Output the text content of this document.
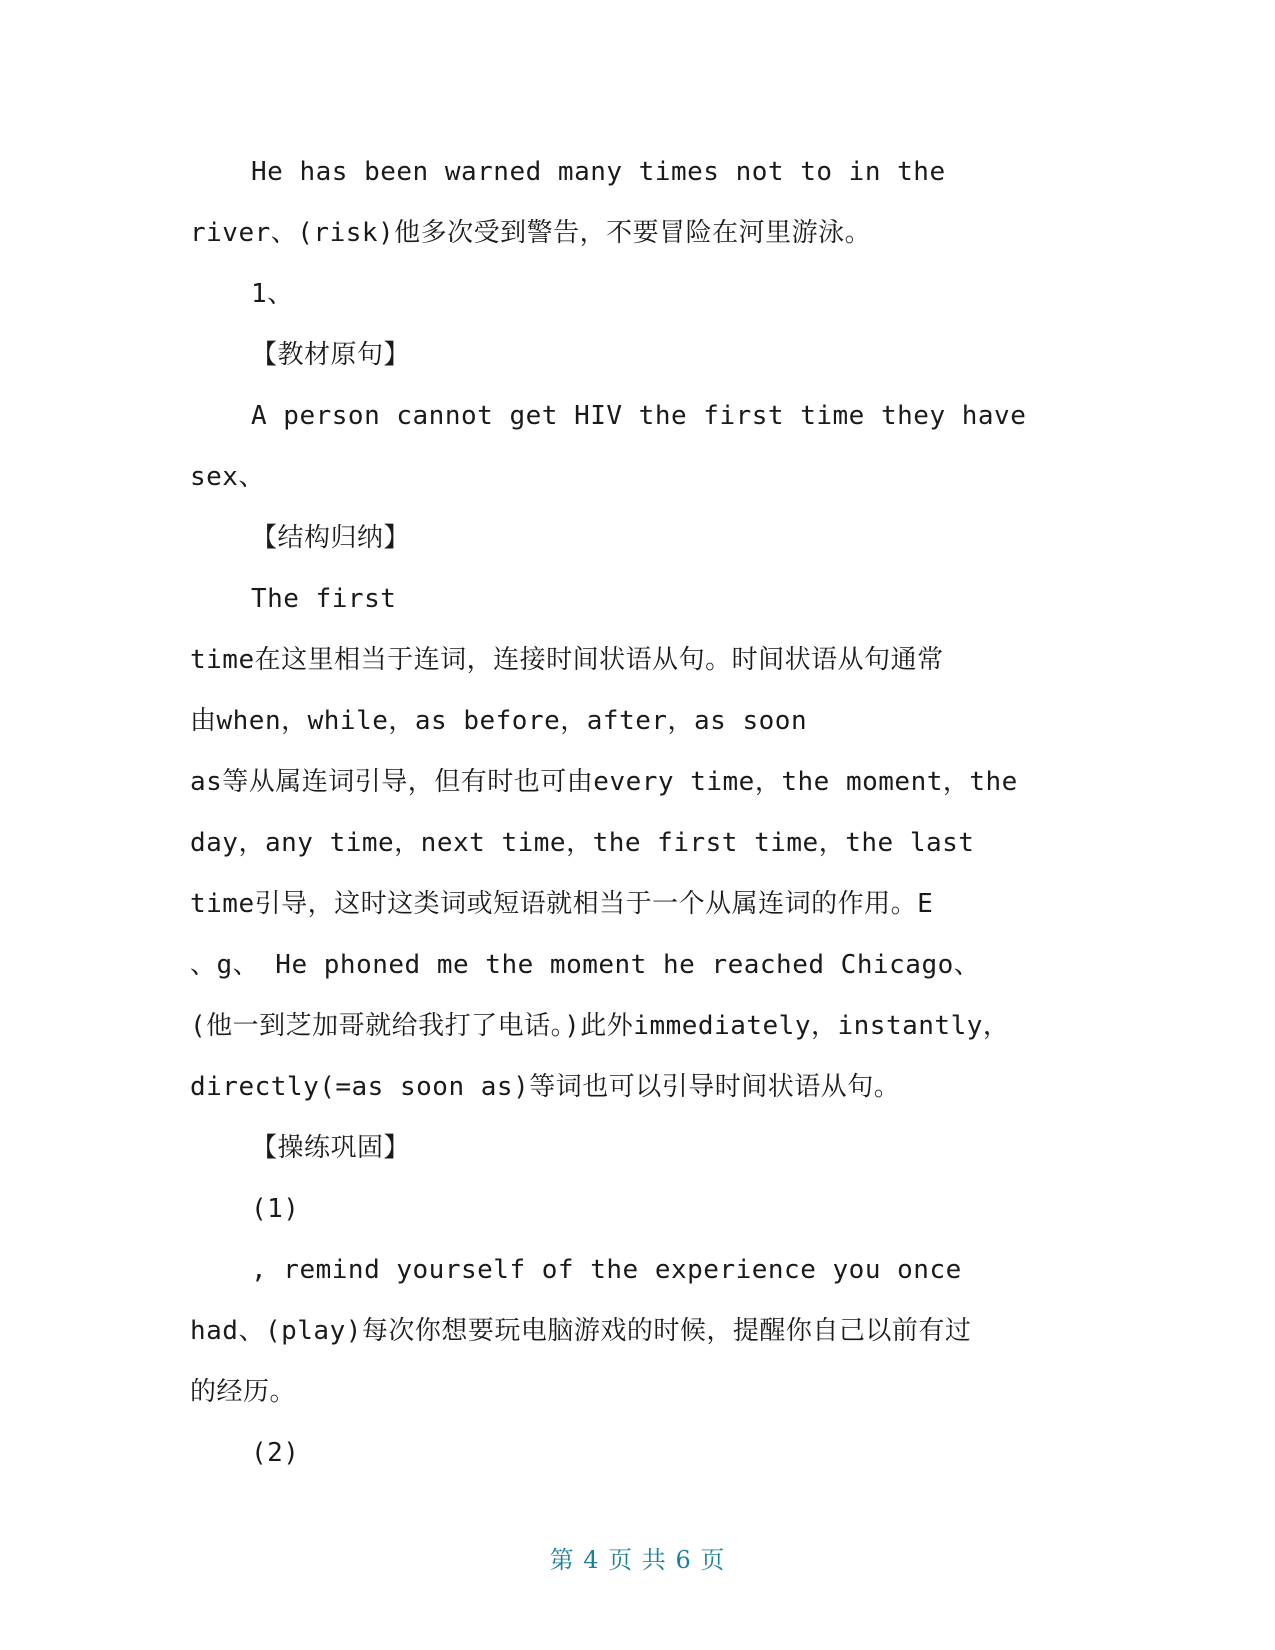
He has been warned many times not to in the
river、(risk)他多次受到警告，不要冒险在河里游泳。
1、
【教材原句】
A person cannot get HIV the first time they have
sex、
【结构归纳】
The first
time在这里相当于连词，连接时间状语从句。时间状语从句通常
由when，while，as before，after，as soon
as等从属连词引导，但有时也可由every time，the moment，the
day，any time，next time，the first time，the last
time引导，这时这类词或短语就相当于一个从属连词的作用。E
、g、 He phoned me the moment he reached Chicago、
(他一到芝加哥就给我打了电话。)此外immediately，instantly，
directly(=as soon as)等词也可以引导时间状语从句。
【操练巩固】
(1)
, remind yourself of the experience you once
had、(play)每次你想要玩电脑游戏的时候，提醒你自己以前有过
的经历。
(2)
第 4 页 共 6 页
